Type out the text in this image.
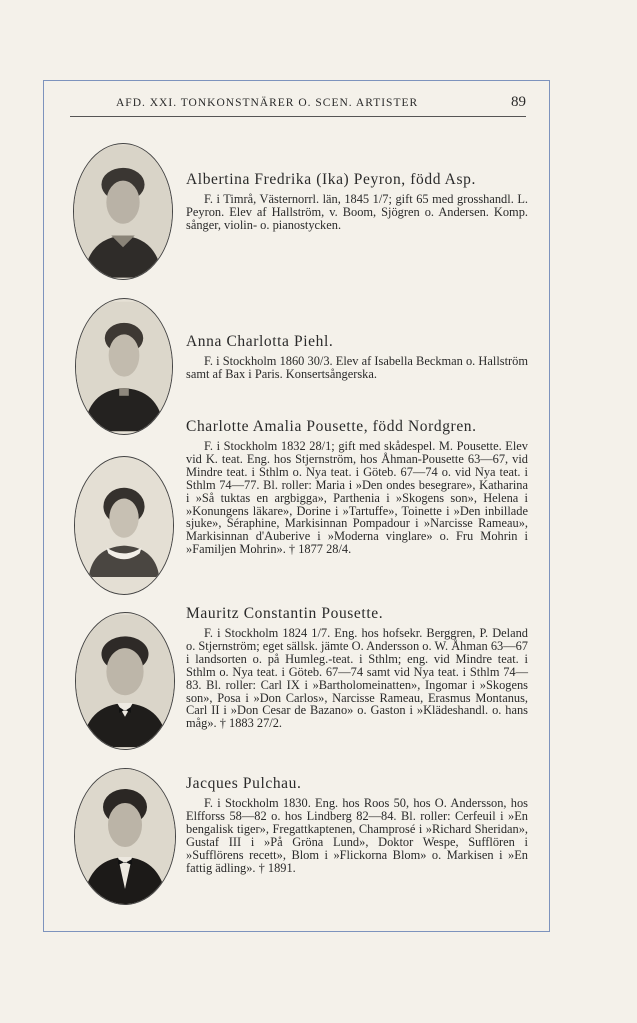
AFD. XXI. TONKONSTNÄRER O. SCEN. ARTISTER	89
Albertina Fredrika (Ika) Peyron, född Asp.
F. i Timrå, Västernorrl. län, 1845 1/7; gift 65 med grosshandl. L. Peyron. Elev af Hallström, v. Boom, Sjögren o. Andersen. Komp. sånger, violin- o. pianostycken.
Anna Charlotta Piehl.
F. i Stockholm 1860 30/3. Elev af Isabella Beckman o. Hallström samt af Bax i Paris. Konsertsångerska.
Charlotte Amalia Pousette, född Nordgren.
F. i Stockholm 1832 28/1; gift med skådespel. M. Pousette. Elev vid K. teat. Eng. hos Stjernström, hos Åhman-Pousette 63—67, vid Mindre teat. i Sthlm o. Nya teat. i Göteb. 67—74 o. vid Nya teat. i Sthlm 74—77. Bl. roller: Maria i »Den ondes besegrare», Katharina i »Så tuktas en argbigga», Parthenia i »Skogens son», Helena i »Konungens läkare», Dorine i »Tartuffe», Toinette i »Den inbillade sjuke», Séraphine, Markisinnan Pompadour i »Narcisse Rameau», Markisinnan d'Auberive i »Moderna vinglare» o. Fru Mohrin i »Familjen Mohrin». † 1877 28/4.
Mauritz Constantin Pousette.
F. i Stockholm 1824 1/7. Eng. hos hofsekr. Berggren, P. Deland o. Stjernström; eget sällsk. jämte O. Andersson o. W. Åhman 63—67 i landsorten o. på Humleg.-teat. i Sthlm; eng. vid Mindre teat. i Sthlm o. Nya teat. i Göteb. 67—74 samt vid Nya teat. i Sthlm 74—83. Bl. roller: Carl IX i »Bartholomeinatten», Ingomar i »Skogens son», Posa i »Don Carlos», Narcisse Rameau, Erasmus Montanus, Carl II i »Don Cesar de Bazano» o. Gaston i »Klädeshandl. o. hans måg». † 1883 27/2.
Jacques Pulchau.
F. i Stockholm 1830. Eng. hos Roos 50, hos O. Andersson, hos Elfforss 58—82 o. hos Lindberg 82—84. Bl. roller: Cerfeuil i »En bengalisk tiger», Fregattkaptenen, Champrosé i »Richard Sheridan», Gustaf III i »På Gröna Lund», Doktor Wespe, Sufflören i »Sufflörens recett», Blom i »Flickorna Blom» o. Markisen i »En fattig ädling». † 1891.
